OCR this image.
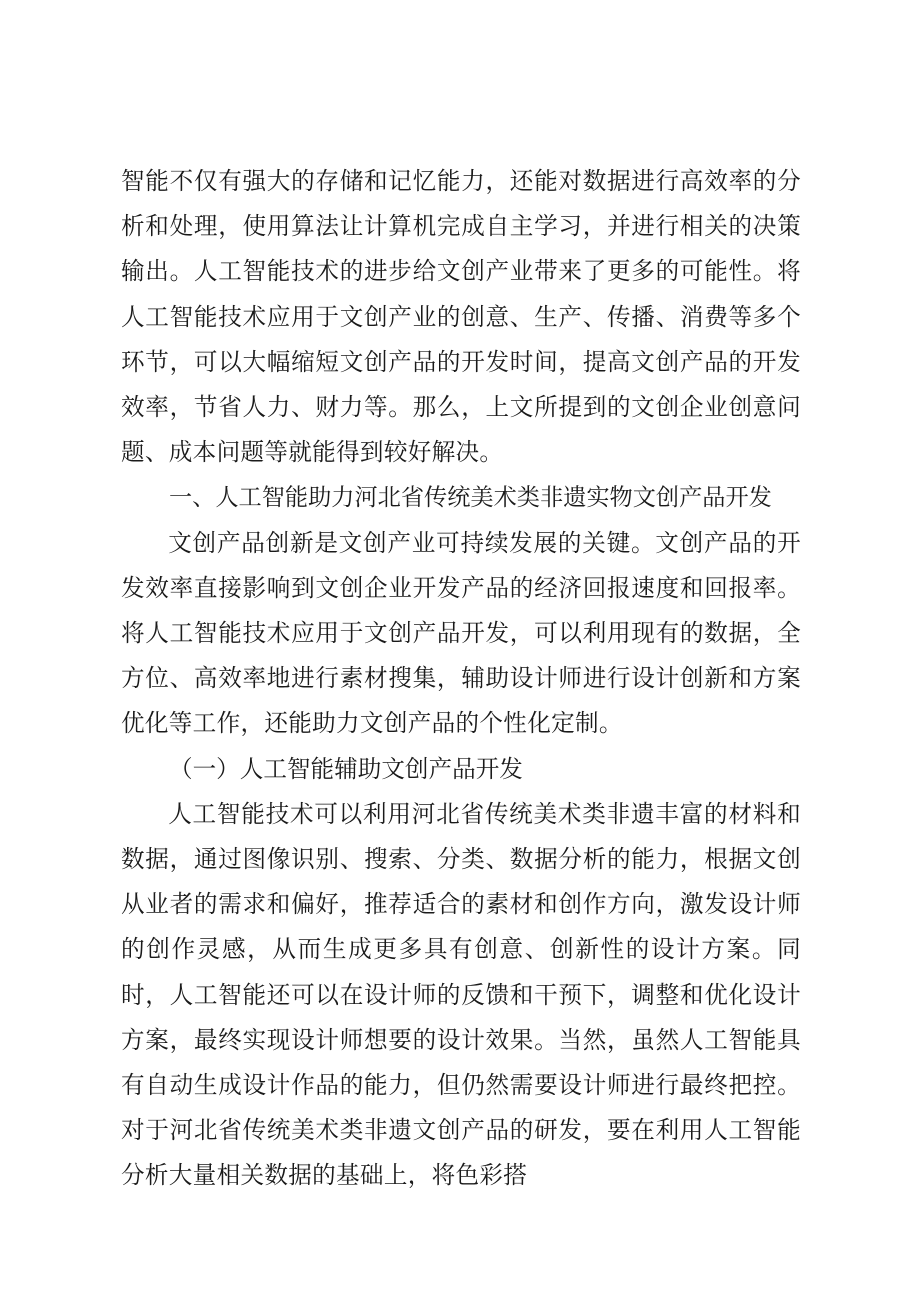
智能不仅有强大的存储和记忆能力，还能对数据进行高效率的分析和处理，使用算法让计算机完成自主学习，并进行相关的决策输出。人工智能技术的进步给文创产业带来了更多的可能性。将人工智能技术应用于文创产业的创意、生产、传播、消费等多个环节，可以大幅缩短文创产品的开发时间，提高文创产品的开发效率，节省人力、财力等。那么，上文所提到的文创企业创意问题、成本问题等就能得到较好解决。

一、人工智能助力河北省传统美术类非遗实物文创产品开发

文创产品创新是文创产业可持续发展的关键。文创产品的开发效率直接影响到文创企业开发产品的经济回报速度和回报率。将人工智能技术应用于文创产品开发，可以利用现有的数据，全方位、高效率地进行素材搜集，辅助设计师进行设计创新和方案优化等工作，还能助力文创产品的个性化定制。

（一）人工智能辅助文创产品开发

人工智能技术可以利用河北省传统美术类非遗丰富的材料和数据，通过图像识别、搜索、分类、数据分析的能力，根据文创从业者的需求和偏好，推荐适合的素材和创作方向，激发设计师的创作灵感，从而生成更多具有创意、创新性的设计方案。同时，人工智能还可以在设计师的反馈和干预下，调整和优化设计方案，最终实现设计师想要的设计效果。当然，虽然人工智能具有自动生成设计作品的能力，但仍然需要设计师进行最终把控。对于河北省传统美术类非遗文创产品的研发，要在利用人工智能分析大量相关数据的基础上，将色彩搭
